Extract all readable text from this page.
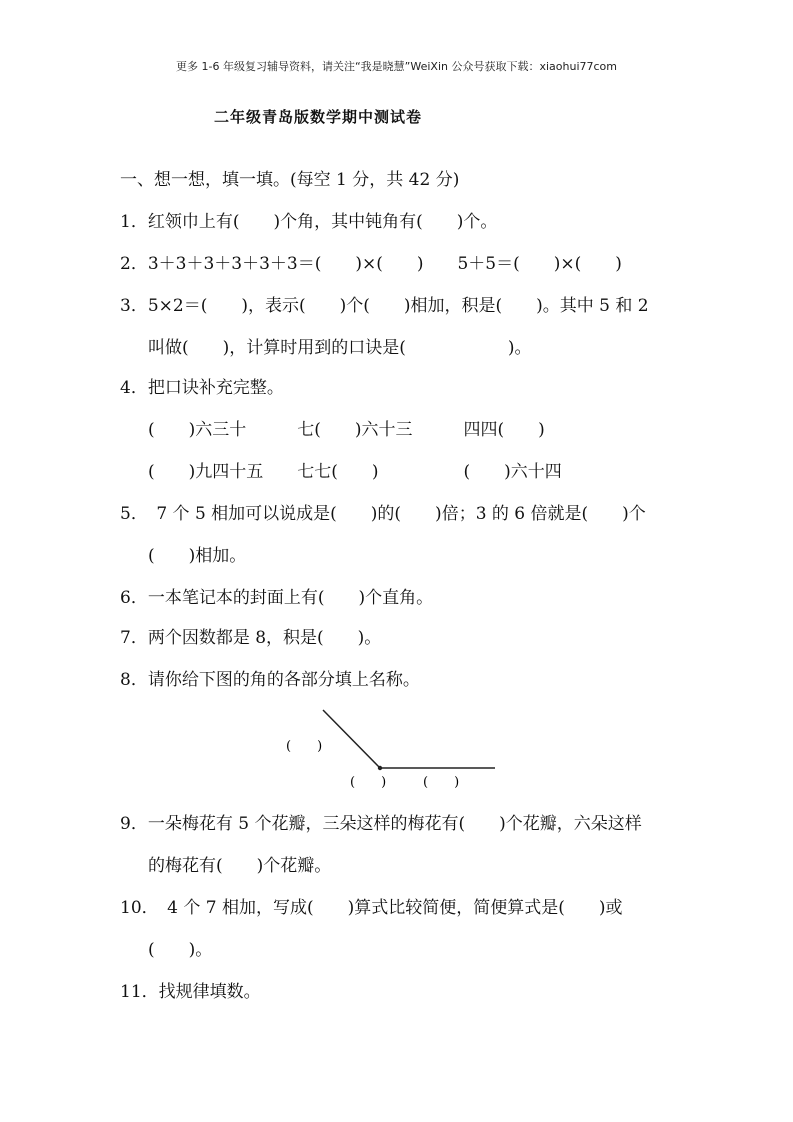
更多 1-6 年级复习辅导资料，请关注“我是晓慧”WeiXin 公众号获取下载：xiaohui77com
二年级青岛版数学期中测试卷
一、想一想，填一填。(每空 1 分，共 42 分)
1．红领巾上有(　　)个角，其中钝角有(　　)个。
2．3＋3＋3＋3＋3＋3＝(　　)×(　　)　　5＋5＝(　　)×(　　)
3．5×2＝(　　)，表示(　　)个(　　)相加，积是(　　)。其中 5 和 2
叫做(　　)，计算时用到的口诀是(　　　　　　)。
4．把口诀补充完整。
(　　)六三十　　　七(　　)六十三　　　四四(　　)
(　　)九四十五　　七七(　　)　　　　　(　　)六十四
5．　7 个 5 相加可以说成是(　　)的(　　)倍；3 的 6 倍就是(　　)个
(　　)相加。
6．一本笔记本的封面上有(　　)个直角。
7．两个因数都是 8，积是(　　)。
8．请你给下图的角的各部分填上名称。
(　　)
(　　)	(　　)
9．一朵梅花有 5 个花瓣，三朵这样的梅花有(　　)个花瓣，六朵这样
的梅花有(　　)个花瓣。
10．　4 个 7 相加，写成(　　)算式比较简便，简便算式是(　　)或
(　　)。
11．找规律填数。
